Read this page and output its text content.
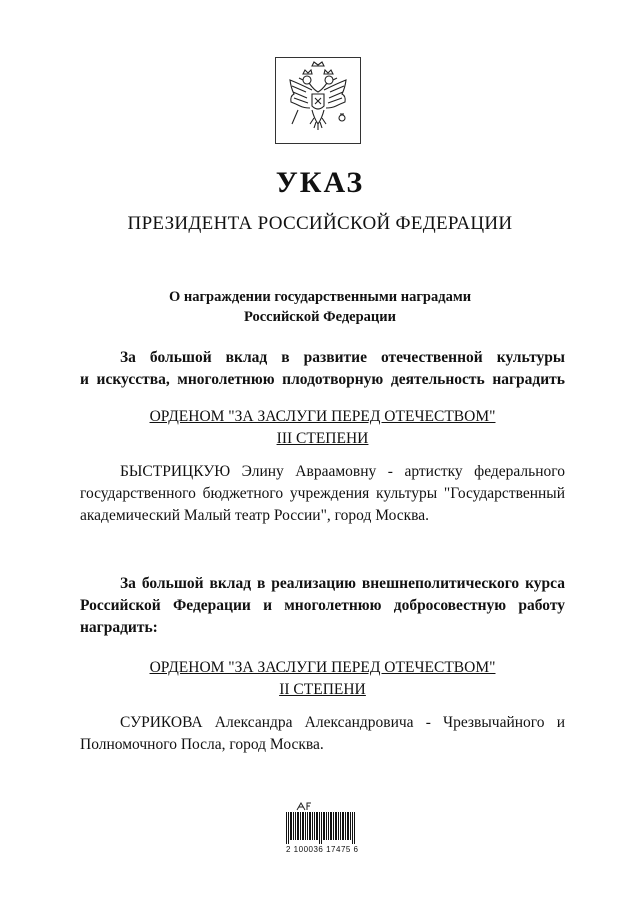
УКАЗ
ПРЕЗИДЕНТА РОССИЙСКОЙ ФЕДЕРАЦИИ
О награждении государственными наградами
Российской Федерации
За большой вклад в развитие отечественной культуры
и искусства, многолетнюю плодотворную деятельность наградить
ОРДЕНОМ "ЗА ЗАСЛУГИ ПЕРЕД ОТЕЧЕСТВОМ"
III СТЕПЕНИ
БЫСТРИЦКУЮ Элину Авраамовну - артистку федерального государственного бюджетного учреждения культуры "Государственный академический Малый театр России", город Москва.
За большой вклад в реализацию внешнеполитического курса Российской Федерации и многолетнюю добросовестную работу наградить:
ОРДЕНОМ "ЗА ЗАСЛУГИ ПЕРЕД ОТЕЧЕСТВОМ"
II СТЕПЕНИ
СУРИКОВА Александра Александровича - Чрезвычайного и Полномочного Посла, город Москва.
2 100036 17475 6
